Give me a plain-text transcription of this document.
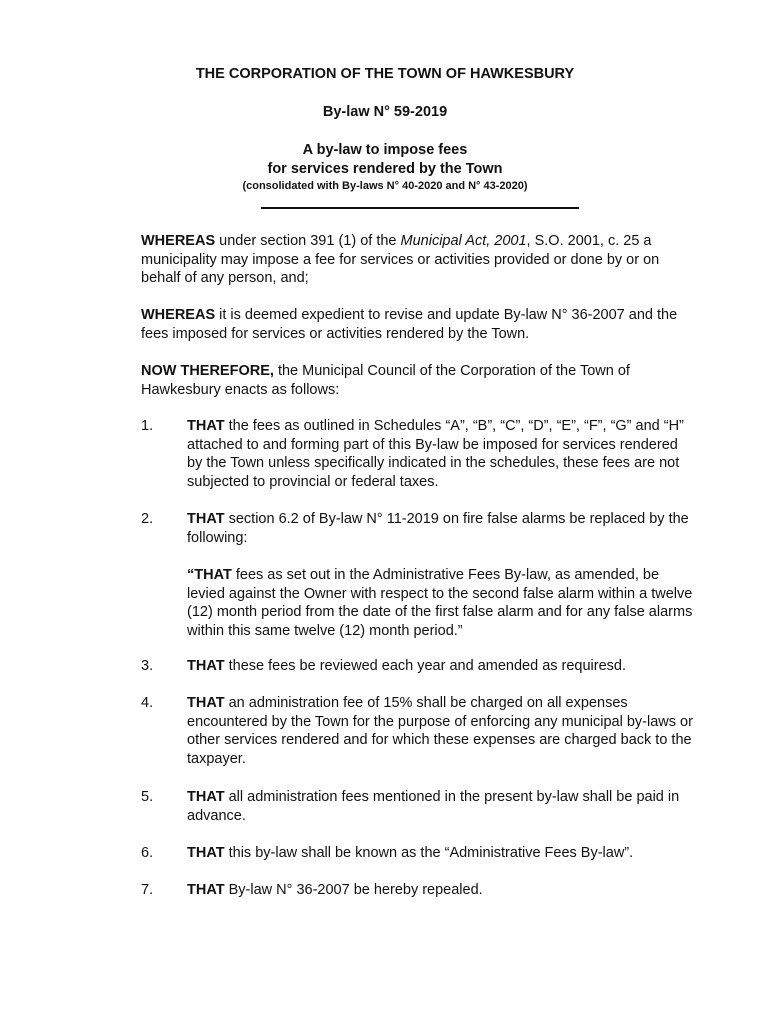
THE CORPORATION OF THE TOWN OF HAWKESBURY
By-law N° 59-2019
A by-law to impose fees
for services rendered by the Town
(consolidated with By-laws N° 40-2020 and N° 43-2020)
WHEREAS under section 391 (1) of the Municipal Act, 2001, S.O. 2001, c. 25 a municipality may impose a fee for services or activities provided or done by or on behalf of any person, and;
WHEREAS it is deemed expedient to revise and update By-law N° 36-2007 and the fees imposed for services or activities rendered by the Town.
NOW THEREFORE, the Municipal Council of the Corporation of the Town of Hawkesbury enacts as follows:
1.	THAT the fees as outlined in Schedules “A”, “B”, “C”, “D”, “E”, “F”, “G” and “H” attached to and forming part of this By-law be imposed for services rendered by the Town unless specifically indicated in the schedules, these fees are not subjected to provincial or federal taxes.
2.	THAT section 6.2 of By-law N° 11-2019 on fire false alarms be replaced by the following:
“THAT fees as set out in the Administrative Fees By-law, as amended, be levied against the Owner with respect to the second false alarm within a twelve (12) month period from the date of the first false alarm and for any false alarms within this same twelve (12) month period.”
3.	THAT these fees be reviewed each year and amended as requiresd.
4.	THAT an administration fee of 15% shall be charged on all expenses encountered by the Town for the purpose of enforcing any municipal by-laws or other services rendered and for which these expenses are charged back to the taxpayer.
5.	THAT all administration fees mentioned in the present by-law shall be paid in advance.
6.	THAT this by-law shall be known as the “Administrative Fees By-law”.
7.	THAT By-law N° 36-2007 be hereby repealed.
